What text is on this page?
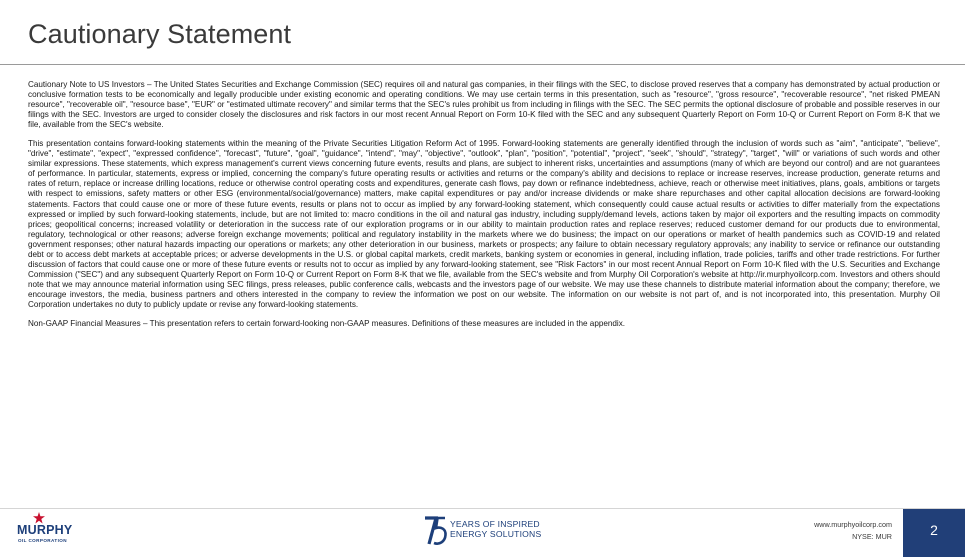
Cautionary Statement

Cautionary Note to US Investors – The United States Securities and Exchange Commission (SEC) requires oil and natural gas companies, in their filings with the SEC, to disclose proved reserves that a company has demonstrated by actual production or conclusive formation tests to be economically and legally producible under existing economic and operating conditions. We may use certain terms in this presentation, such as "resource", "gross resource", "recoverable resource", "net risked PMEAN resource", "recoverable oil", "resource base", "EUR" or "estimated ultimate recovery" and similar terms that the SEC's rules prohibit us from including in filings with the SEC. The SEC permits the optional disclosure of probable and possible reserves in our filings with the SEC. Investors are urged to consider closely the disclosures and risk factors in our most recent Annual Report on Form 10-K filed with the SEC and any subsequent Quarterly Report on Form 10-Q or Current Report on Form 8-K that we file, available from the SEC's website.

This presentation contains forward-looking statements within the meaning of the Private Securities Litigation Reform Act of 1995. Forward-looking statements are generally identified through the inclusion of words such as "aim", "anticipate", "believe", "drive", "estimate", "expect", "expressed confidence", "forecast", "future", "goal", "guidance", "intend", "may", "objective", "outlook", "plan", "position", "potential", "project", "seek", "should", "strategy", "target", "will" or variations of such words and other similar expressions. These statements, which express management's current views concerning future events, results and plans, are subject to inherent risks, uncertainties and assumptions (many of which are beyond our control) and are not guarantees of performance. In particular, statements, express or implied, concerning the company's future operating results or activities and returns or the company's ability and decisions to replace or increase reserves, increase production, generate returns and rates of return, replace or increase drilling locations, reduce or otherwise control operating costs and expenditures, generate cash flows, pay down or refinance indebtedness, achieve, reach or otherwise meet initiatives, plans, goals, ambitions or targets with respect to emissions, safety matters or other ESG (environmental/social/governance) matters, make capital expenditures or pay and/or increase dividends or make share repurchases and other capital allocation decisions are forward-looking statements. Factors that could cause one or more of these future events, results or plans not to occur as implied by any forward-looking statement, which consequently could cause actual results or activities to differ materially from the expectations expressed or implied by such forward-looking statements, include, but are not limited to: macro conditions in the oil and natural gas industry, including supply/demand levels, actions taken by major oil exporters and the resulting impacts on commodity prices; geopolitical concerns; increased volatility or deterioration in the success rate of our exploration programs or in our ability to maintain production rates and replace reserves; reduced customer demand for our products due to environmental, regulatory, technological or other reasons; adverse foreign exchange movements; political and regulatory instability in the markets where we do business; the impact on our operations or market of health pandemics such as COVID-19 and related government responses; other natural hazards impacting our operations or markets; any other deterioration in our business, markets or prospects; any failure to obtain necessary regulatory approvals; any inability to service or refinance our outstanding debt or to access debt markets at acceptable prices; or adverse developments in the U.S. or global capital markets, credit markets, banking system or economies in general, including inflation, trade policies, tariffs and other trade restrictions. For further discussion of factors that could cause one or more of these future events or results not to occur as implied by any forward-looking statement, see "Risk Factors" in our most recent Annual Report on Form 10-K filed with the U.S. Securities and Exchange Commission ("SEC") and any subsequent Quarterly Report on Form 10-Q or Current Report on Form 8-K that we file, available from the SEC's website and from Murphy Oil Corporation's website at http://ir.murphyoilcorp.com. Investors and others should note that we may announce material information using SEC filings, press releases, public conference calls, webcasts and the investors page of our website. We may use these channels to distribute material information about the company; therefore, we encourage investors, the media, business partners and others interested in the company to review the information we post on our website. The information on our website is not part of, and is not incorporated into, this presentation. Murphy Oil Corporation undertakes no duty to publicly update or revise any forward-looking statements.

Non-GAAP Financial Measures – This presentation refers to certain forward-looking non-GAAP measures. Definitions of these measures are included in the appendix.

MURPHY
OIL CORPORATION
YEARS OF INSPIRED
ENERGY SOLUTIONS
www.murphyoilcorp.com
NYSE: MUR	2
